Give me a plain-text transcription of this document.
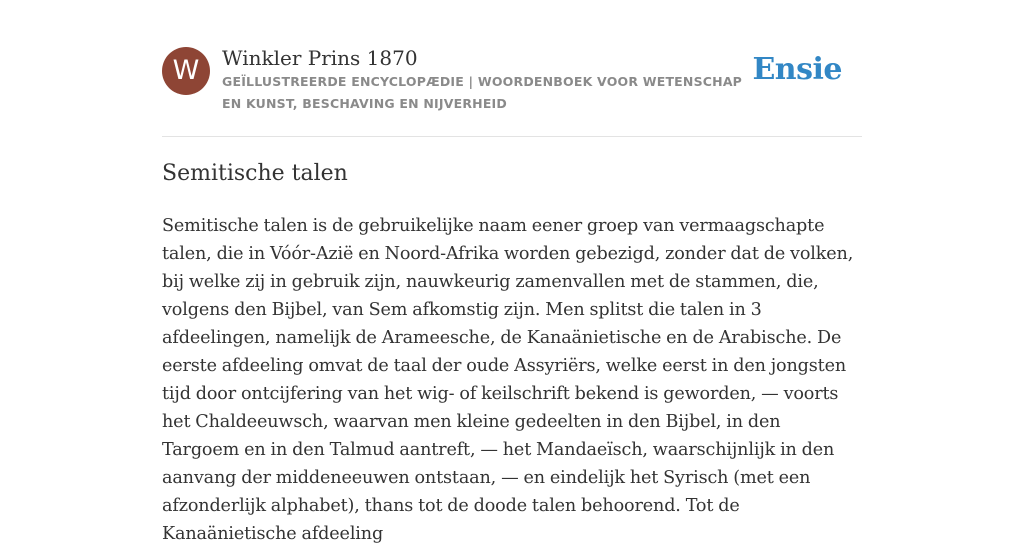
W	Winkler Prins 1870
GEÏLLUSTREERDE ENCYCLOPÆDIE | WOORDENBOEK VOOR WETENSCHAP EN KUNST, BESCHAVING EN NIJVERHEID
Ensie
Semitische talen

Semitische talen is de gebruikelijke naam eener groep van vermaagschapte talen, die in Vóór-Azië en Noord-Afrika worden gebezigd, zonder dat de volken, bij welke zij in gebruik zijn, nauwkeurig zamenvallen met de stammen, die, volgens den Bijbel, van Sem afkomstig zijn. Men splitst die talen in 3 afdeelingen, namelijk de Arameesche, de Kanaänietische en de Arabische. De eerste afdeeling omvat de taal der oude Assyriërs, welke eerst in den jongsten tijd door ontcijfering van het wig- of keilschrift bekend is geworden, — voorts het Chaldeeuwsch, waarvan men kleine gedeelten in den Bijbel, in den Targoem en in den Talmud aantreft, — het Mandaeïsch, waarschijnlijk in den aanvang der middeneeuwen ontstaan, — en eindelijk het Syrisch (met een afzonderlijk alphabet), thans tot de doode talen behoorend. Tot de Kanaänietische afdeeling
